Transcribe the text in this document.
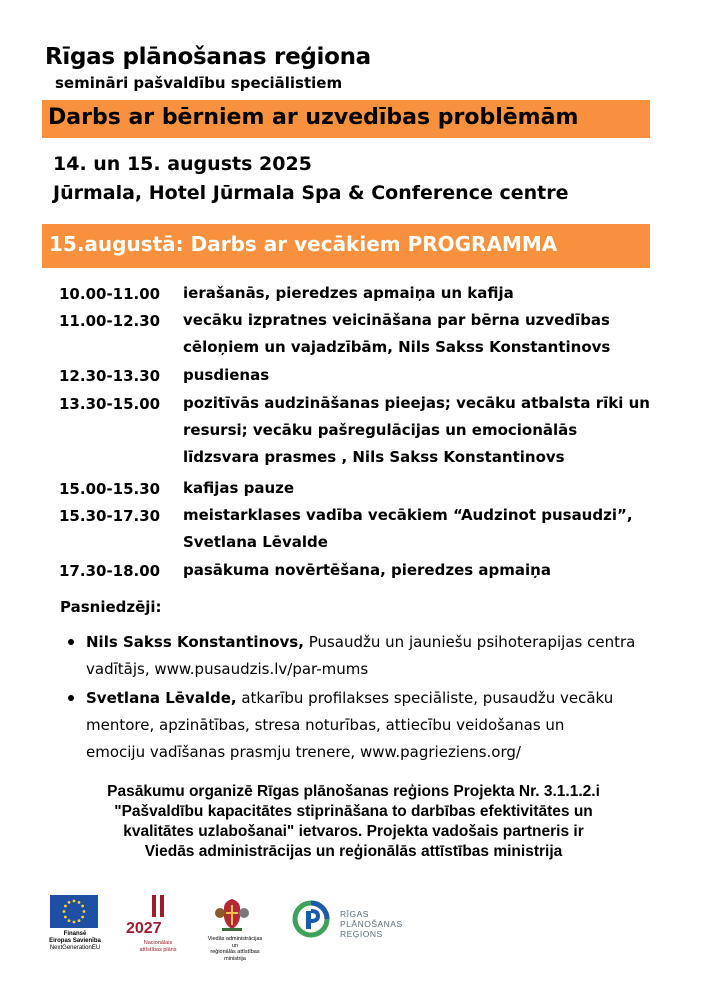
Rīgas plānošanas reģiona
semināri pašvaldību speciālistiem
Darbs ar bērniem ar uzvedības problēmām
14. un 15. augusts 2025
Jūrmala, Hotel Jūrmala Spa & Conference centre
15.augustā: Darbs ar vecākiem PROGRAMMA
10.00-11.00	ierašanās, pieredzes apmaiņa un kafija
11.00-12.30	vecāku izpratnes veicināšana par bērna uzvedības
cēloņiem un vajadzībām, Nils Sakss Konstantinovs
12.30-13.30	pusdienas
13.30-15.00	pozitīvās audzināšanas pieejas; vecāku atbalsta rīki un
resursi; vecāku pašregulācijas un emocionālās
līdzsvara prasmes , Nils Sakss Konstantinovs
15.00-15.30	kafijas pauze
15.30-17.30	meistarklases vadība vecākiem “Audzinot pusaudzi”,
Svetlana Lēvalde
17.30-18.00	pasākuma novērtēšana, pieredzes apmaiņa
Pasniedzēji:
Nils Sakss Konstantinovs, Pusaudžu un jauniešu psihoterapijas centra
vadītājs, www.pusaudzis.lv/par-mums
Svetlana Lēvalde, atkarību profilakses speciāliste, pusaudžu vecāku
mentore, apzinātības, stresa noturības, attiecību veidošanas un
emociju vadīšanas prasmju trenere, www.pagrieziens.org/
Pasākumu organizē Rīgas plānošanas reģions Projekta Nr. 3.1.1.2.i
"Pašvaldību kapacitātes stiprināšana to darbības efektivitātes un
kvalitātes uzlabošanai" ietvaros. Projekta vadošais partneris ir
Viedās administrācijas un reģionālās attīstības ministrija
Finansē
Eiropas Savienība
NextGenerationEU
2027
Nacionālais
attīstības plāns
Viedās administrācijas un
reģionālās attīstības
ministrija
RĪGAS
PLĀNOŠANAS
REĢIONS
